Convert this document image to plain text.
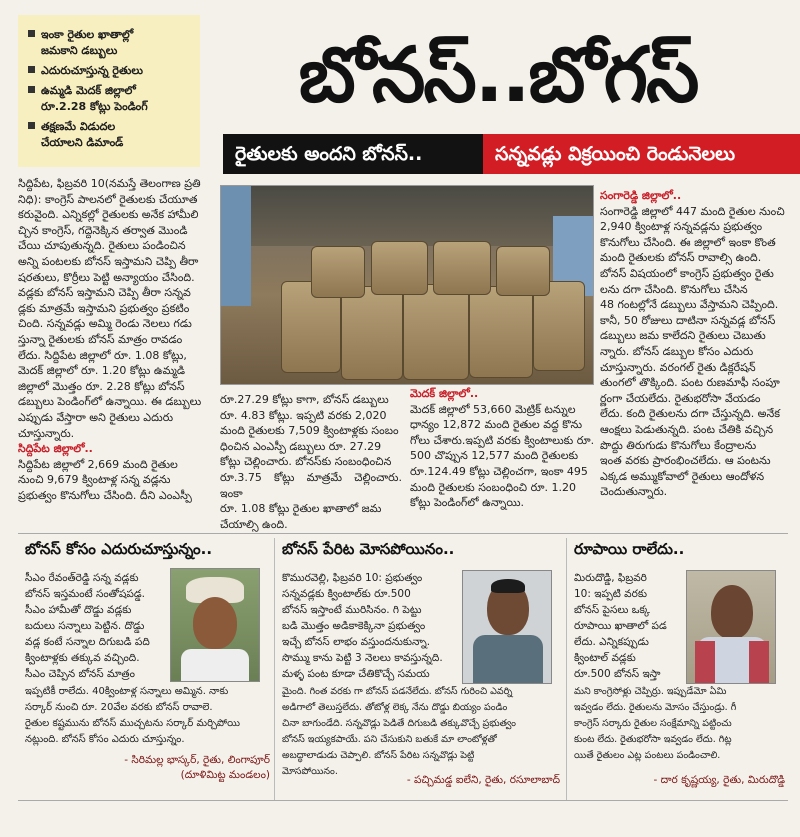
ఇంకా రైతుల ఖాతాల్లో
జమకాని డబ్బులు
ఎదురుచూస్తున్న రైతులు
ఉమ్మడి మెదక్ జిల్లాలో
రూ.2.28 కోట్లు పెండింగ్
తక్షణమే విడుదల
చేయాలని డిమాండ్
బోనస్..బోగస్
రైతులకు అందని బోనస్..	సన్నవడ్లు విక్రయించి రెండునెలలు
సిద్దిపేట, ఫిబ్రవరి 10(నమస్తే తెలంగాణ ప్రతి
నిధి): కాంగ్రెస్ పాలనలో రైతులకు చేయూత
కరువైంది. ఎన్నికల్లో రైతులకు అనేక హామీలి
చ్చిన కాంగ్రెస్, గద్దెనెక్కిన తర్వాత మొండి
చేయి చూపుతున్నది. రైతులు పండించిన
అన్ని పంటలకు బోనస్ ఇస్తామని చెప్పి తీరా
షరతులు, కొర్రీలు పెట్టి అన్యాయం చేసింది.
వడ్లకు బోనస్ ఇస్తామని చెప్పి తీరా సన్నవ
డ్లకు మాత్రమే ఇస్తామని ప్రభుత్వం ప్రకటిం
చింది. సన్నవడ్లు అమ్మి రెండు నెలలు గడు
స్తున్నా రైతులకు బోనస్ మాత్రం రావడం
లేదు. సిద్దిపేట జిల్లాలో రూ. 1.08 కోట్లు,
మెదక్ జిల్లాలో రూ. 1.20 కోట్లు ఉమ్మడి
జిల్లాలో మొత్తం రూ. 2.28 కోట్లు బోనస్
డబ్బులు పెండింగ్‌లో ఉన్నాయి. ఈ డబ్బులు
ఎప్పుడు వేస్తారా అని రైతులు ఎదురు
చూస్తున్నారు.
సిద్దిపేట జిల్లాలో..
సిద్దిపేట జిల్లాలో 2,669 మంది రైతుల
నుంచి 9,679 క్వింటాళ్ల సన్న వడ్లను
ప్రభుత్వం కొనుగోలు చేసింది. దీని ఎంఎస్పీ
రూ.27.29 కోట్లు కాగా, బోనస్ డబ్బులు
రూ. 4.83 కోట్లు. ఇప్పటి వరకు 2,020
మంది రైతులకు 7,509 క్వింటాళ్లకు సంబం
ధించిన ఎంఎస్పీ డబ్బులు రూ. 27.29
కోట్లు చెల్లించారు. బోనస్‌కు సంబంధించిన
రూ.3.75 కోట్లు మాత్రమే చెల్లించారు. ఇంకా
రూ. 1.08 కోట్లు రైతుల ఖాతాలో జమ
చేయాల్సి ఉంది.
మెదక్ జిల్లాలో..
మెదక్ జిల్లాలో 53,660 మెట్రిక్ టన్నుల
ధాన్యం 12,872 మంది రైతుల వద్ద కొను
గోలు చేశారు.ఇప్పటి వరకు క్వింటాలుకు రూ.
500 చొప్పున 12,577 మంది రైతులకు
రూ.124.49 కోట్లు చెల్లించగా, ఇంకా 495
మంది రైతులకు సంబంధించి రూ. 1.20
కోట్లు పెండింగ్‌లో ఉన్నాయి.
సంగారెడ్డి జిల్లాలో..
సంగారెడ్డి జిల్లాలో 447 మంది రైతుల నుంచి
2,940 క్వింటాళ్ల సన్నవడ్లను ప్రభుత్వం
కొనుగోలు చేసింది. ఈ జిల్లాలో ఇంకా కొంత
మంది రైతులకు బోనస్ రావాల్సి ఉంది.
బోనస్ విషయంలో కాంగ్రెస్ ప్రభుత్వం రైతు
లను దగా చేసింది. కొనుగోలు చేసిన
48 గంటల్లోనే డబ్బులు వేస్తామని చెప్పింది.
కానీ, 50 రోజులు దాటినా సన్నవడ్ల బోనస్
డబ్బులు జమ కాలేదని రైతులు చెబుతు
న్నారు. బోనస్ డబ్బుల కోసం ఎదురు
చూస్తున్నారు. వరంగల్ రైతు డిక్లరేషన్
తుంగలో తొక్కింది. పంట రుణమాఫీ సంపూ
ర్ణంగా చేయలేదు. రైతుభరోసా వేయడం
లేదు. కంది రైతులను దగా చేస్తున్నది. అనేక
ఆంక్షలు పెడుతున్నది. పంట చేతికి వచ్చిన
పొద్దు తిరుగుడు కొనుగోలు కేంద్రాలను
ఇంత వరకు ప్రారంభించలేదు. ఆ పంటను
ఎక్కడ అమ్ముకోవాలో రైతులు ఆందోళన
చెందుతున్నారు.
బోనస్ కోసం ఎదురుచూస్తున్నం..
సీఎం రేవంత్‌రెడ్డి సన్న వడ్లకు
బోనస్ ఇస్తమంటే సంతోషపడ్డ.
సీఎం హామీతో దొడ్డు వడ్లకు
బదులు సన్నాలు పెట్టిన. దొడ్డు
వడ్ల కంటే సన్నాల దిగుబడి పది
క్వింటాళ్లకు తక్కువ వచ్చింది.
సీఎం చెప్పిన బోనస్ మాత్రం
ఇప్పటికీ రాలేదు. 40క్వింటాళ్ల సన్నాలు అమ్మిన. నాకు
సర్కార్ నుంచి రూ. 20వేల వరకు బోనస్ రావాలె.
రైతుల కష్టమును బోనస్ ముచ్చటను సర్కార్ మర్చిపోయి
నట్లుంది. బోనస్ కోసం ఎదురు చూస్తున్నం.
- సిరిమల్ల భాస్కర్, రైతు, లింగాపూర్
(దూళిమిట్ట మండలం)
బోనస్ పేరిట మోసపోయినం..
కొమురవెల్లి, ఫిబ్రవరి 10: ప్రభుత్వం
సన్నవడ్లకు క్వింటాల్‌కు రూ.500
బోనస్ ఇస్తాంటే మురిసినం. గి పెట్టు
బడి మొత్తం అడికాకెక్కినా ప్రభుత్వం
ఇచ్చే బోనస్ లాభం వస్తుందనుకున్నా.
సొమ్ము కాను పెట్టి 3 నెలలు కావస్తున్నది.
మళ్ళ పంట కూడా చేతికొచ్చే సమయ
మైంది. గింత వరకు గా బోనస్ పడనేలేదు. బోనస్ గురించి ఎవర్ని
అడిగాలో తెలుస్తలేదు. తోటోళ్ల లెక్క నేను దొడ్డు బియ్యం పండిం
చినా బాగుండేది. సన్నవొడ్లు పెడితే దిగుబడి తక్కువొచ్చే ప్రభుత్వం
బోనస్ ఇయ్యకపాయే. పని చేసుకుని బతుకే మా లాంటోళ్లతో
అబద్ధాలాడుడు చెప్పాలి. బోనస్ పేరిట సన్నవొడ్లు పెట్టి
మోసపోయినం.
- పచ్చిమడ్డ ఐలేని, రైతు, రసూలాబాద్
రూపాయి రాలేదు..
మిరుదొడ్డి, ఫిబ్రవరి
10: ఇప్పటి వరకు
బోనస్ పైసలు ఒక్క
రూపాయి ఖాతాలో పడ
లేదు. ఎన్నికప్పుడు
క్వింటాల్ వడ్లకు
రూ.500 బోనస్ ఇస్తా
మని కాంగ్రెసోళ్లు చెప్పిర్రు. ఇప్పుడేమో ఏమి
ఇవ్వడం లేదు. రైతులను మోసం చేస్తుండ్రు. గీ
కాంగ్రెస్ సర్కారు రైతుల సంక్షేమాన్ని పట్టించు
కుంట లేదు. రైతుభరోసా ఇవ్వడం లేదు. గిట్ల
యితే రైతులం ఎట్ల పంటలు పండించాలి.
- దార కృష్ణయ్య, రైతు, మిరుదొడ్డి
